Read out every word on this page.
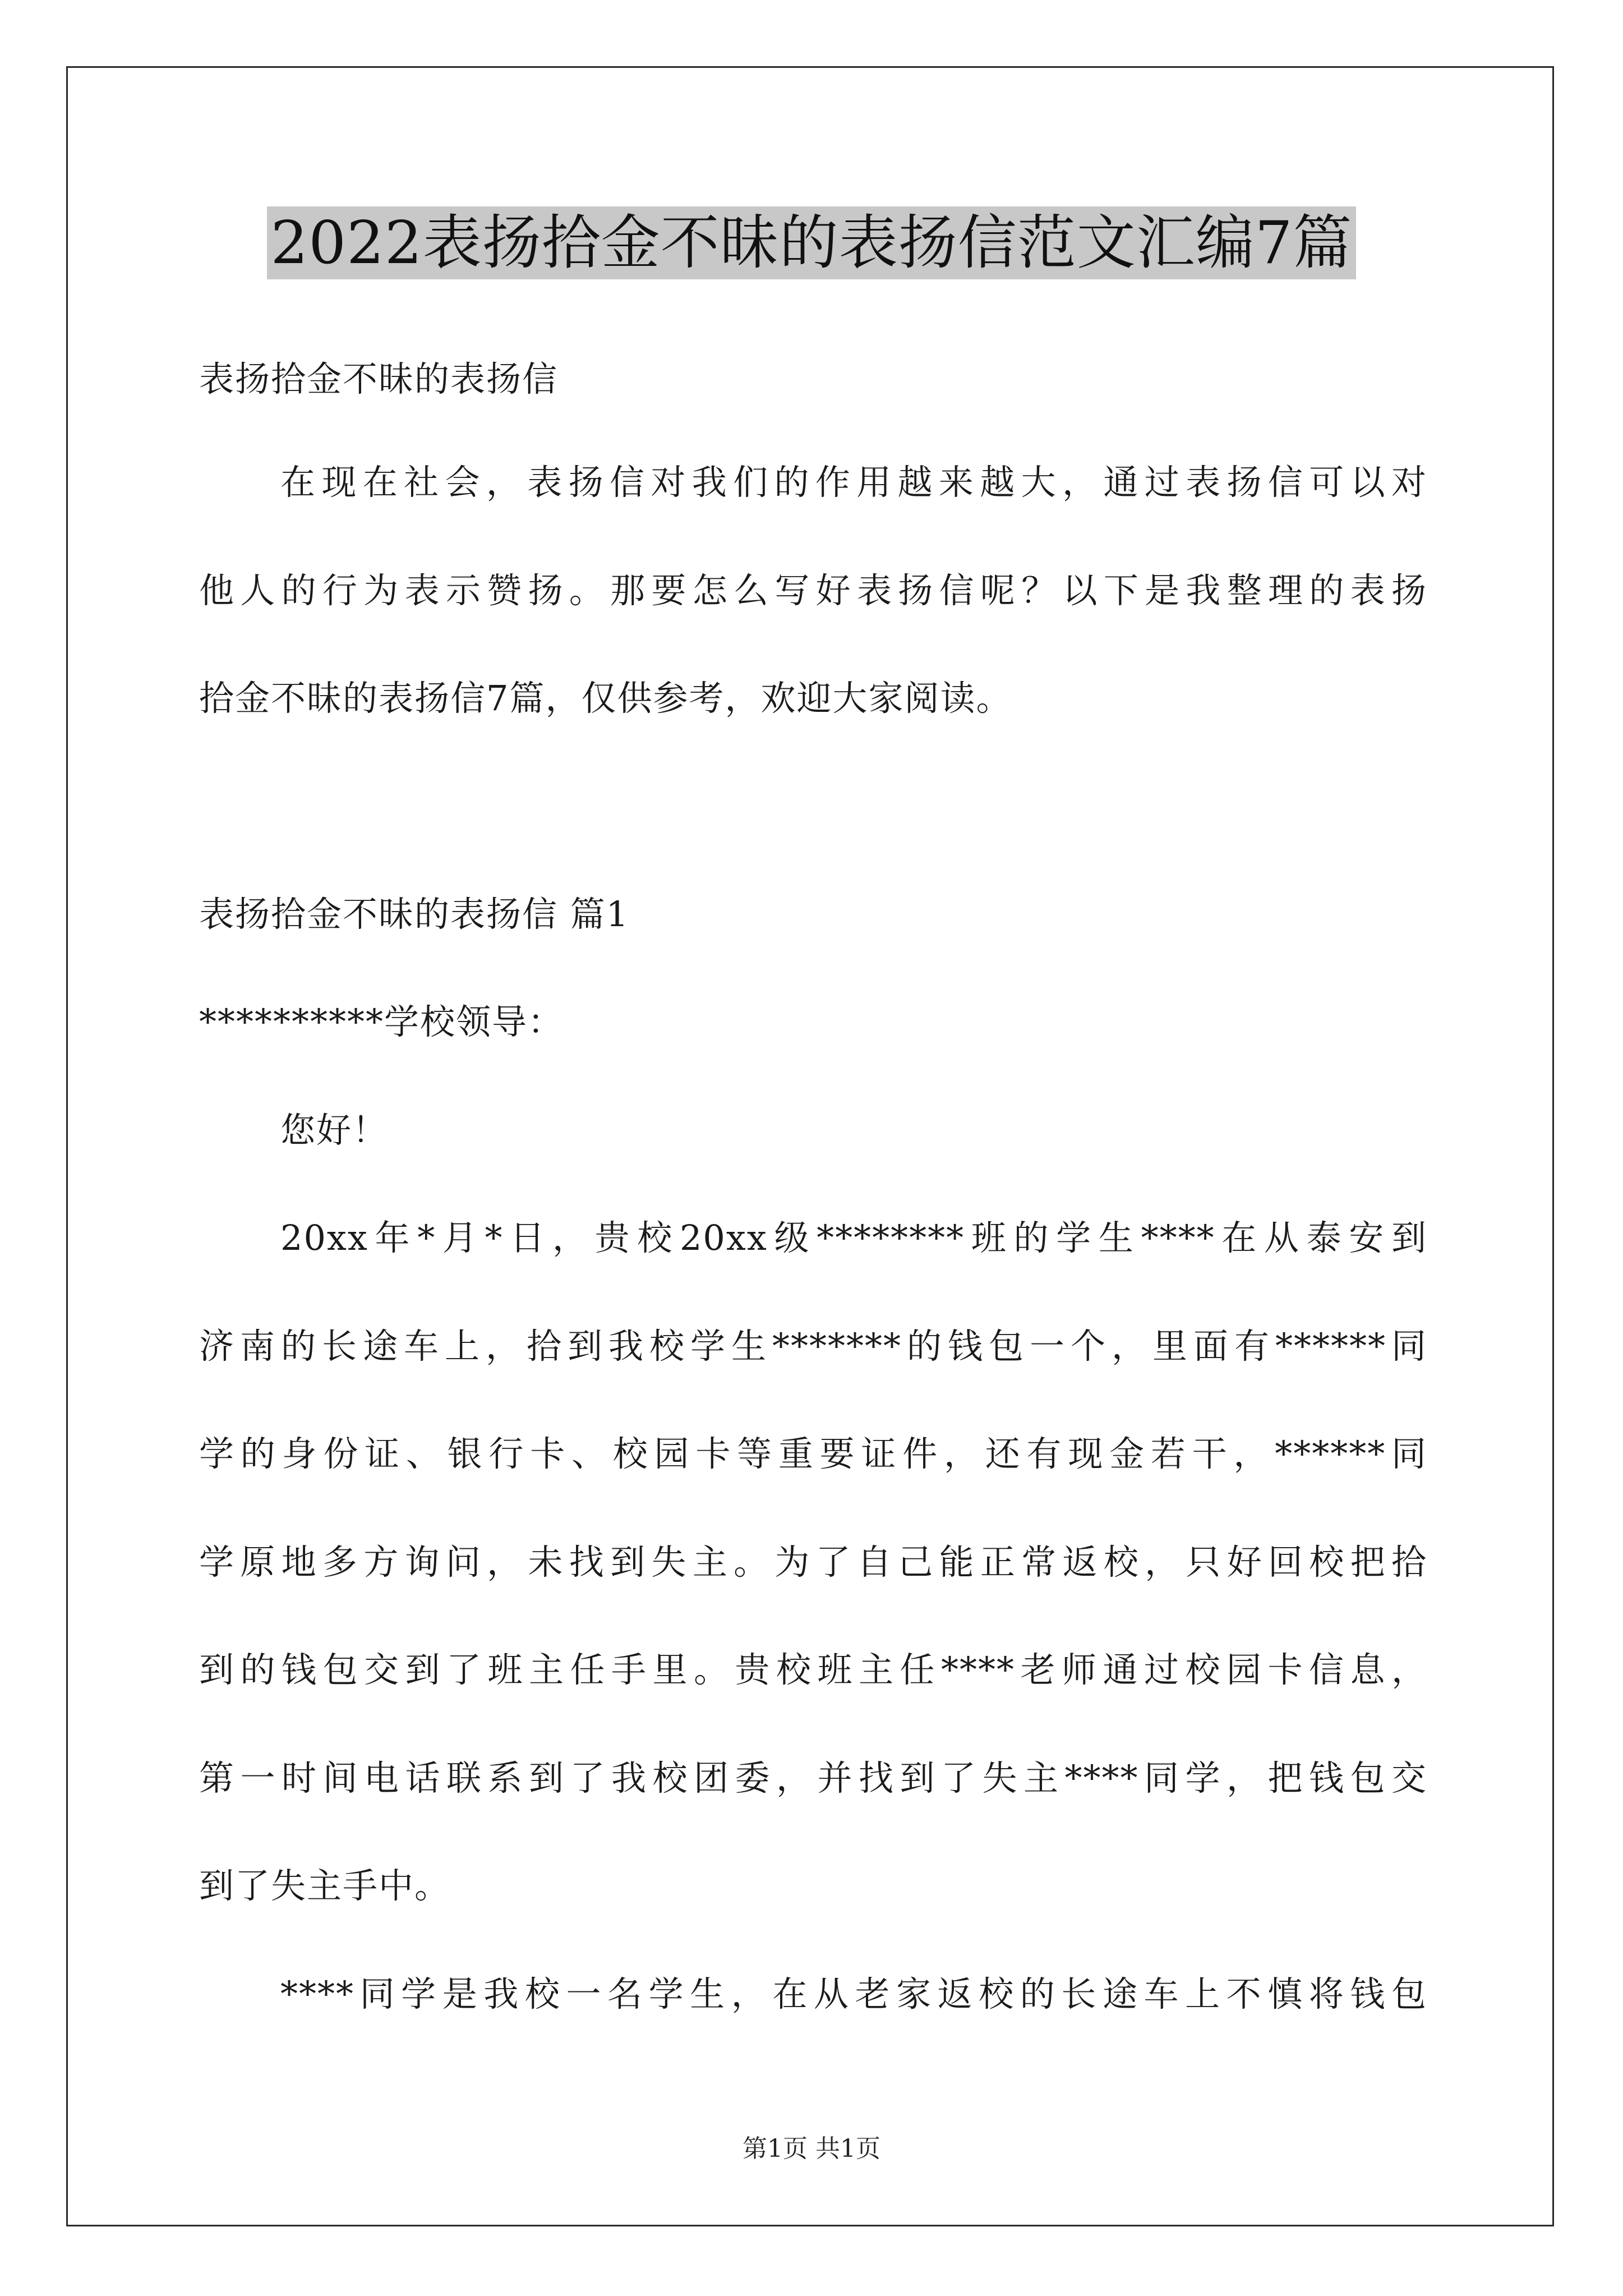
2022表扬拾金不昧的表扬信范文汇编7篇
表扬拾金不昧的表扬信
在现在社会，表扬信对我们的作用越来越大，通过表扬信可以对
他人的行为表示赞扬。那要怎么写好表扬信呢？以下是我整理的表扬
拾金不昧的表扬信7篇，仅供参考，欢迎大家阅读。
表扬拾金不昧的表扬信 篇1
**********学校领导：
您好！
20xx年*月*日，贵校20xx级********班的学生****在从泰安到
济南的长途车上，拾到我校学生*******的钱包一个，里面有******同
学的身份证、银行卡、校园卡等重要证件，还有现金若干，******同
学原地多方询问，未找到失主。为了自己能正常返校，只好回校把拾
到的钱包交到了班主任手里。贵校班主任****老师通过校园卡信息，
第一时间电话联系到了我校团委，并找到了失主****同学，把钱包交
到了失主手中。
****同学是我校一名学生，在从老家返校的长途车上不慎将钱包
第1页 共1页
